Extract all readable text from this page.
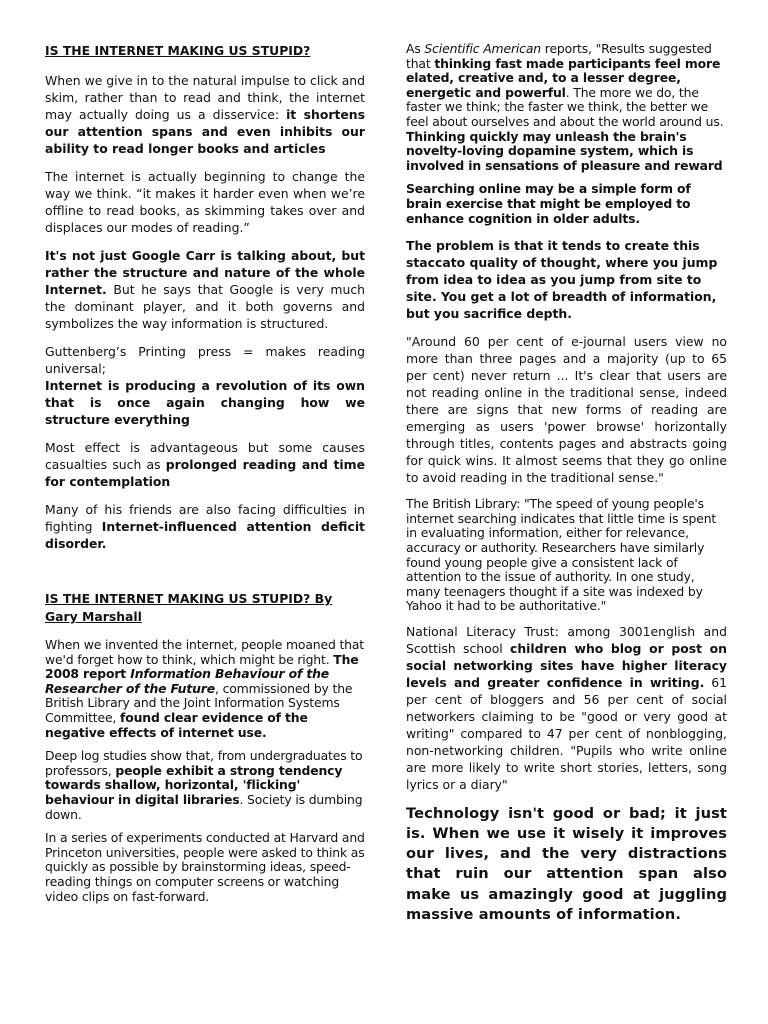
IS THE INTERNET MAKING US STUPID?

When we give in to the natural impulse to click and skim, rather than to read and think, the internet may actually doing us a disservice: it shortens our attention spans and even inhibits our ability to read longer books and articles

The internet is actually beginning to change the way we think. “it makes it harder even when we’re offline to read books, as skimming takes over and displaces our modes of reading.”

It's not just Google Carr is talking about, but rather the structure and nature of the whole Internet. But he says that Google is very much the dominant player, and it both governs and symbolizes the way information is structured.

Guttenberg’s Printing press = makes reading universal;
Internet is producing a revolution of its own that is once again changing how we structure everything

Most effect is advantageous but some causes casualties such as prolonged reading and time for contemplation

Many of his friends are also facing difficulties in fighting Internet-influenced attention deficit disorder.

IS THE INTERNET MAKING US STUPID? By Gary Marshall

When we invented the internet, people moaned that we'd forget how to think, which might be right. The 2008 report Information Behaviour of the Researcher of the Future, commissioned by the British Library and the Joint Information Systems Committee, found clear evidence of the negative effects of internet use.

Deep log studies show that, from undergraduates to professors, people exhibit a strong tendency towards shallow, horizontal, 'flicking' behaviour in digital libraries. Society is dumbing down.

In a series of experiments conducted at Harvard and Princeton universities, people were asked to think as quickly as possible by brainstorming ideas, speed-reading things on computer screens or watching video clips on fast-forward.

As Scientific American reports, "Results suggested that thinking fast made participants feel more elated, creative and, to a lesser degree, energetic and powerful. The more we do, the faster we think; the faster we think, the better we feel about ourselves and about the world around us. Thinking quickly may unleash the brain's novelty-loving dopamine system, which is involved in sensations of pleasure and reward

Searching online may be a simple form of brain exercise that might be employed to enhance cognition in older adults.

The problem is that it tends to create this staccato quality of thought, where you jump from idea to idea as you jump from site to site. You get a lot of breadth of information, but you sacrifice depth.

"Around 60 per cent of e-journal users view no more than three pages and a majority (up to 65 per cent) never return ... It's clear that users are not reading online in the traditional sense, indeed there are signs that new forms of reading are emerging as users 'power browse' horizontally through titles, contents pages and abstracts going for quick wins. It almost seems that they go online to avoid reading in the traditional sense."

The British Library: "The speed of young people's internet searching indicates that little time is spent in evaluating information, either for relevance, accuracy or authority. Researchers have similarly found young people give a consistent lack of attention to the issue of authority. In one study, many teenagers thought if a site was indexed by Yahoo it had to be authoritative."

National Literacy Trust: among 3001english and Scottish school children who blog or post on social networking sites have higher literacy levels and greater confidence in writing. 61 per cent of bloggers and 56 per cent of social networkers claiming to be "good or very good at writing" compared to 47 per cent of nonblogging, non-networking children. "Pupils who write online are more likely to write short stories, letters, song lyrics or a diary"

Technology isn't good or bad; it just is. When we use it wisely it improves our lives, and the very distractions that ruin our attention span also make us amazingly good at juggling massive amounts of information.
